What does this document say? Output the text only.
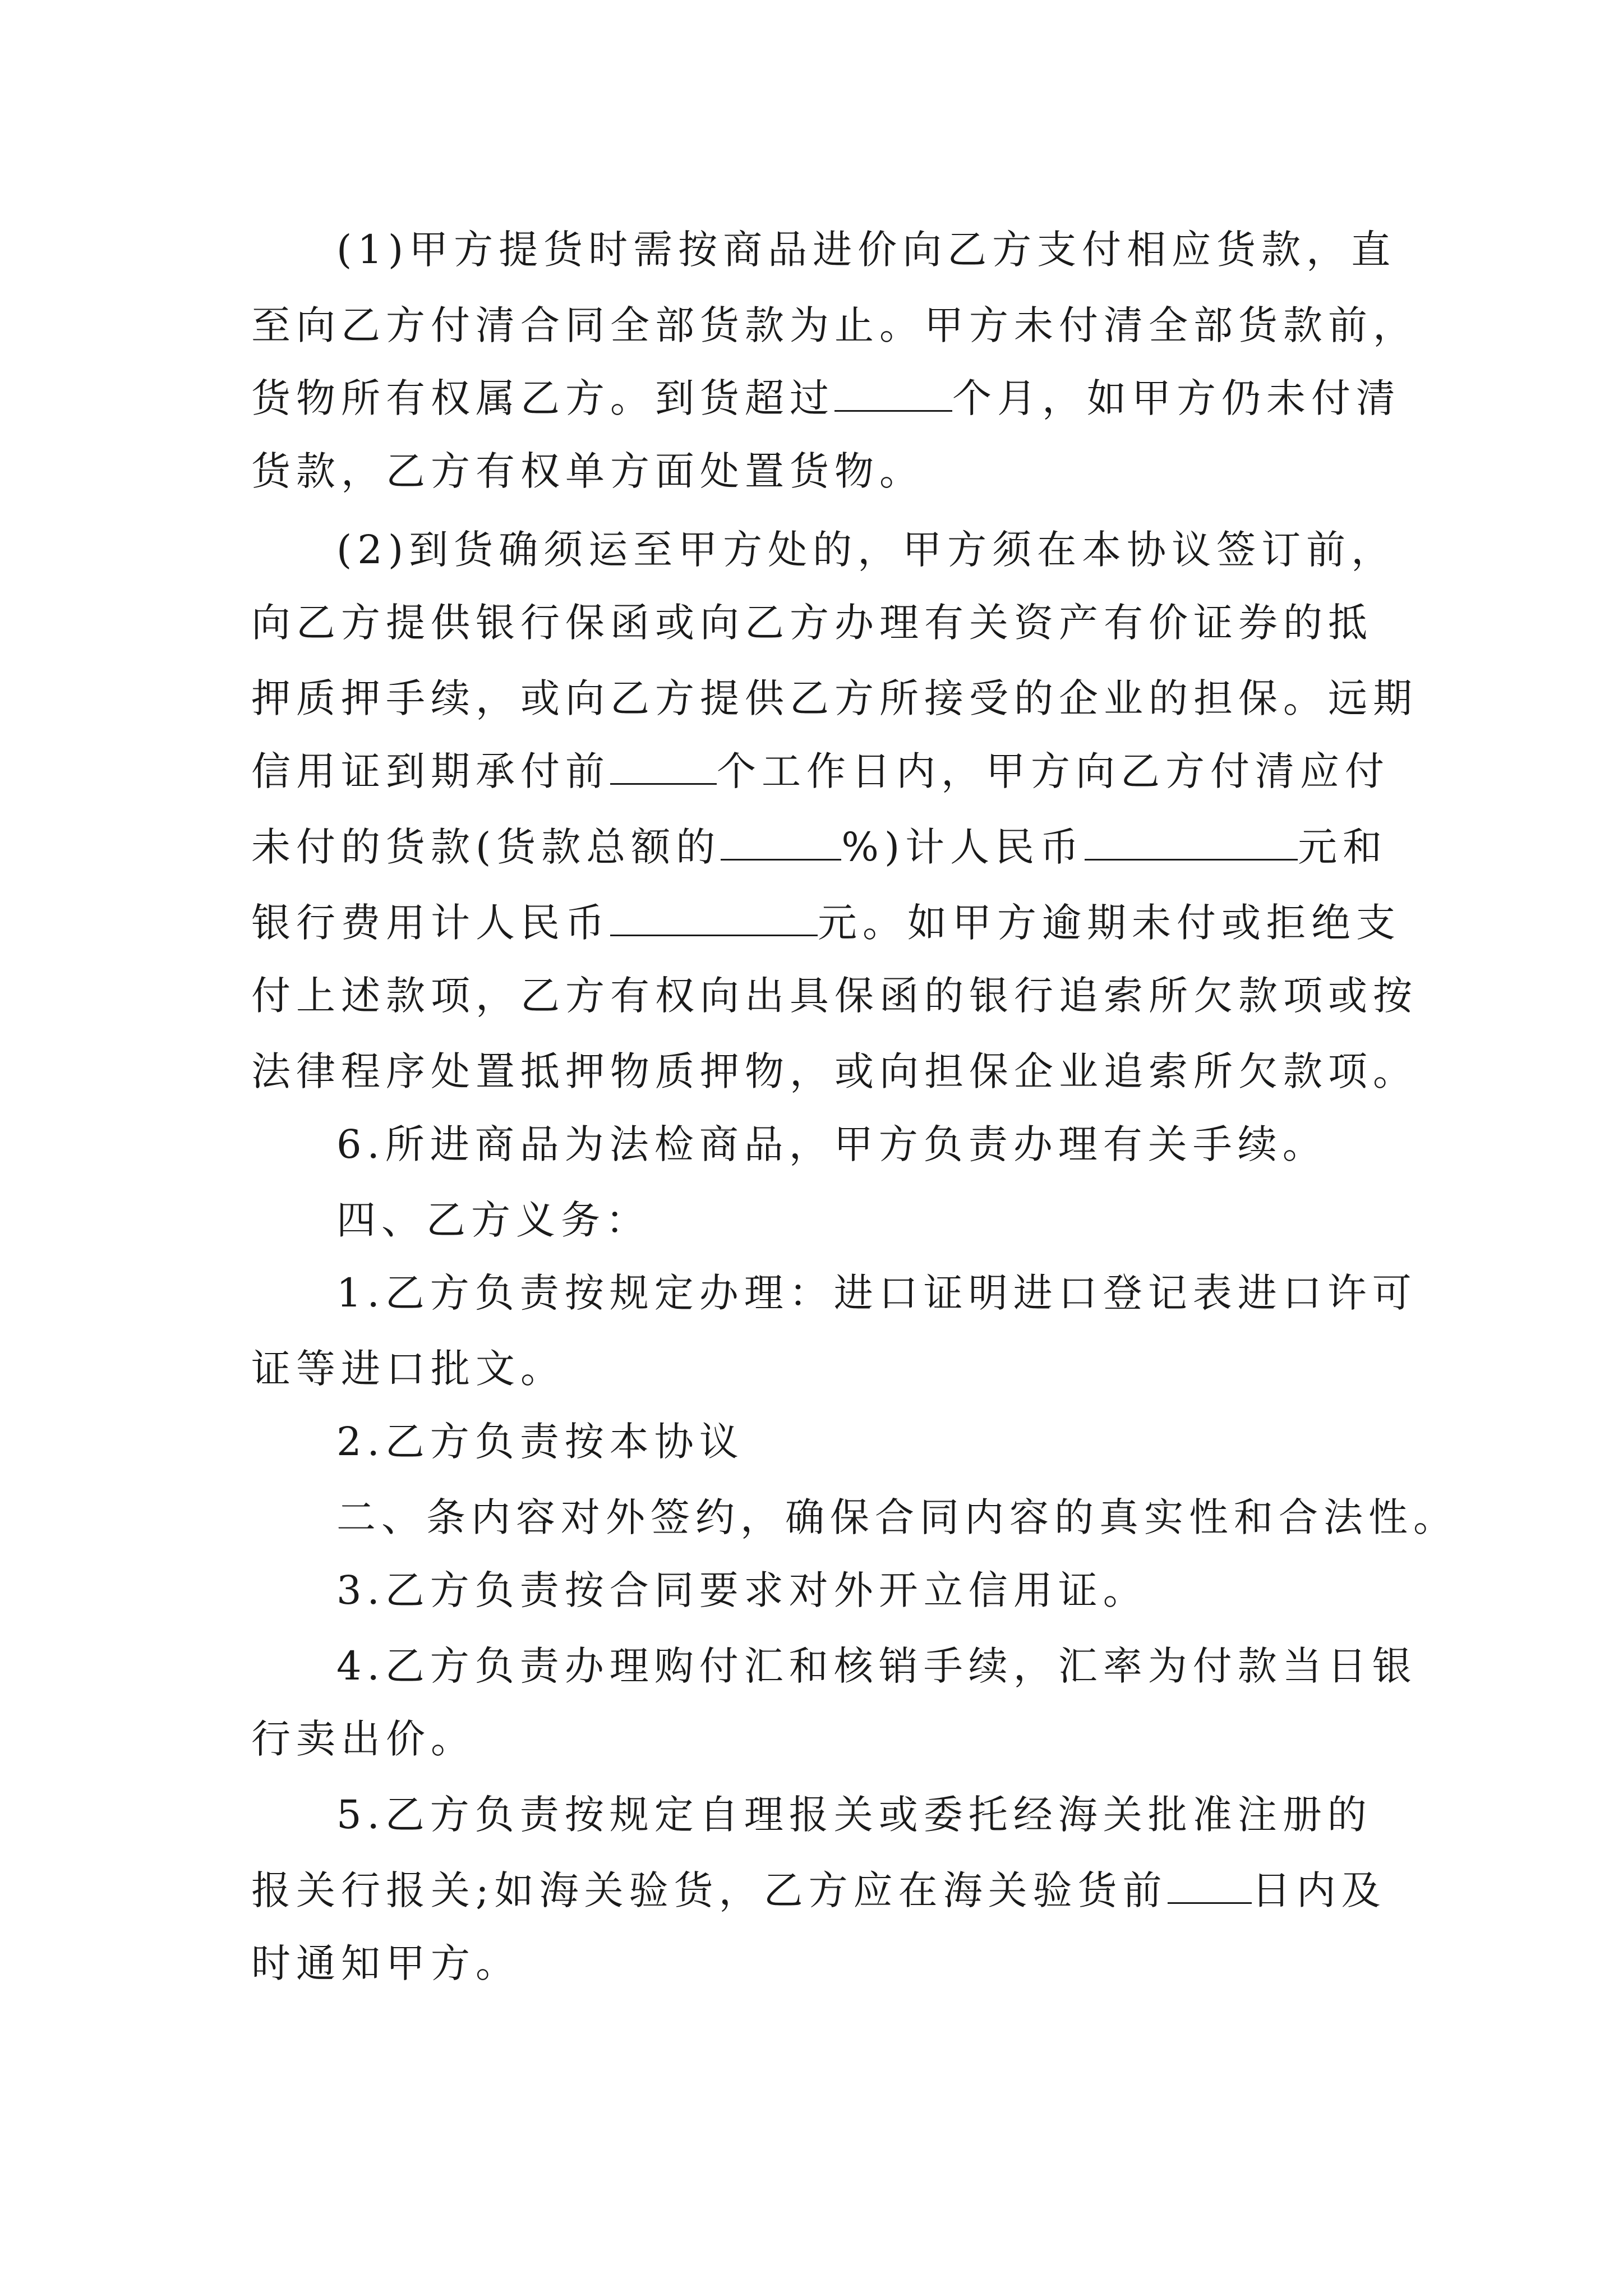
(1)甲方提货时需按商品进价向乙方支付相应货款，直
至向乙方付清合同全部货款为止。甲方未付清全部货款前，
货物所有权属乙方。到货超过	个月，如甲方仍未付清
货款，乙方有权单方面处置货物。
(2)到货确须运至甲方处的，甲方须在本协议签订前，
向乙方提供银行保函或向乙方办理有关资产有价证券的抵
押质押手续，或向乙方提供乙方所接受的企业的担保。远期
信用证到期承付前	个工作日内，甲方向乙方付清应付
未付的货款(货款总额的	%)计人民币	元和
银行费用计人民币	元。如甲方逾期未付或拒绝支
付上述款项，乙方有权向出具保函的银行追索所欠款项或按
法律程序处置抵押物质押物，或向担保企业追索所欠款项。
6.所进商品为法检商品，甲方负责办理有关手续。
四、乙方义务：
1.乙方负责按规定办理：进口证明进口登记表进口许可
证等进口批文。
2.乙方负责按本协议
二、条内容对外签约，确保合同内容的真实性和合法性。
3.乙方负责按合同要求对外开立信用证。
4.乙方负责办理购付汇和核销手续，汇率为付款当日银
行卖出价。
5.乙方负责按规定自理报关或委托经海关批准注册的
报关行报关;如海关验货，乙方应在海关验货前 日内及
时通知甲方。
